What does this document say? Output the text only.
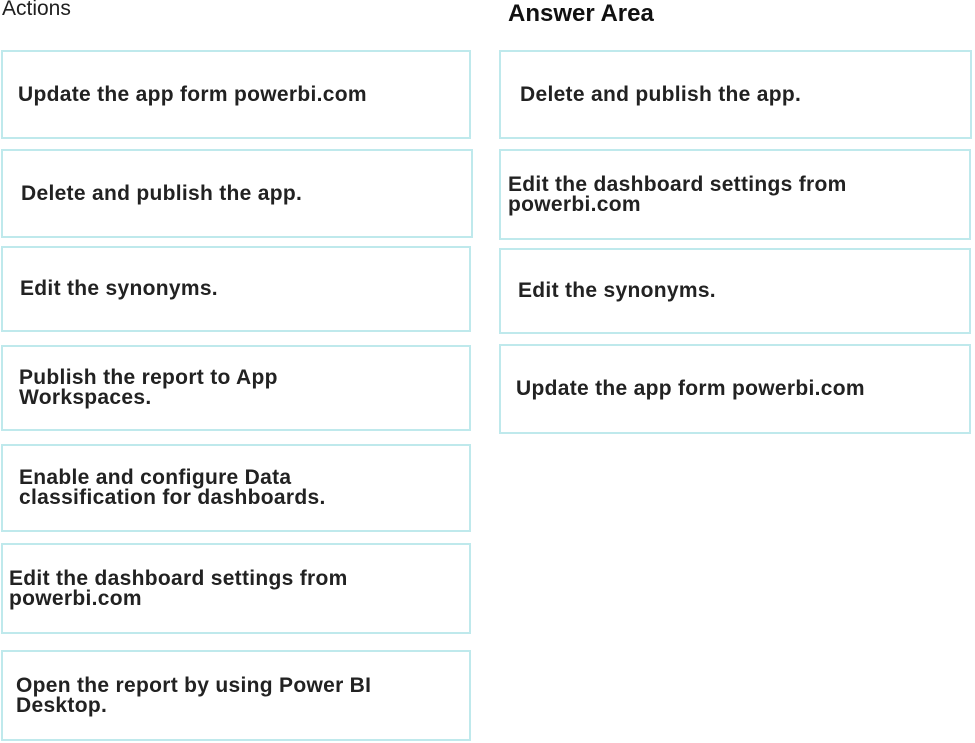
Actions	Answer Area
Update the app form powerbi.com
Delete and publish the app.
Edit the synonyms.
Publish the report to App Workspaces.
Enable and configure Data classification for dashboards.
Edit the dashboard settings from powerbi.com
Open the report by using Power BI Desktop.
Delete and publish the app.
Edit the dashboard settings from powerbi.com
Edit the synonyms.
Update the app form powerbi.com
